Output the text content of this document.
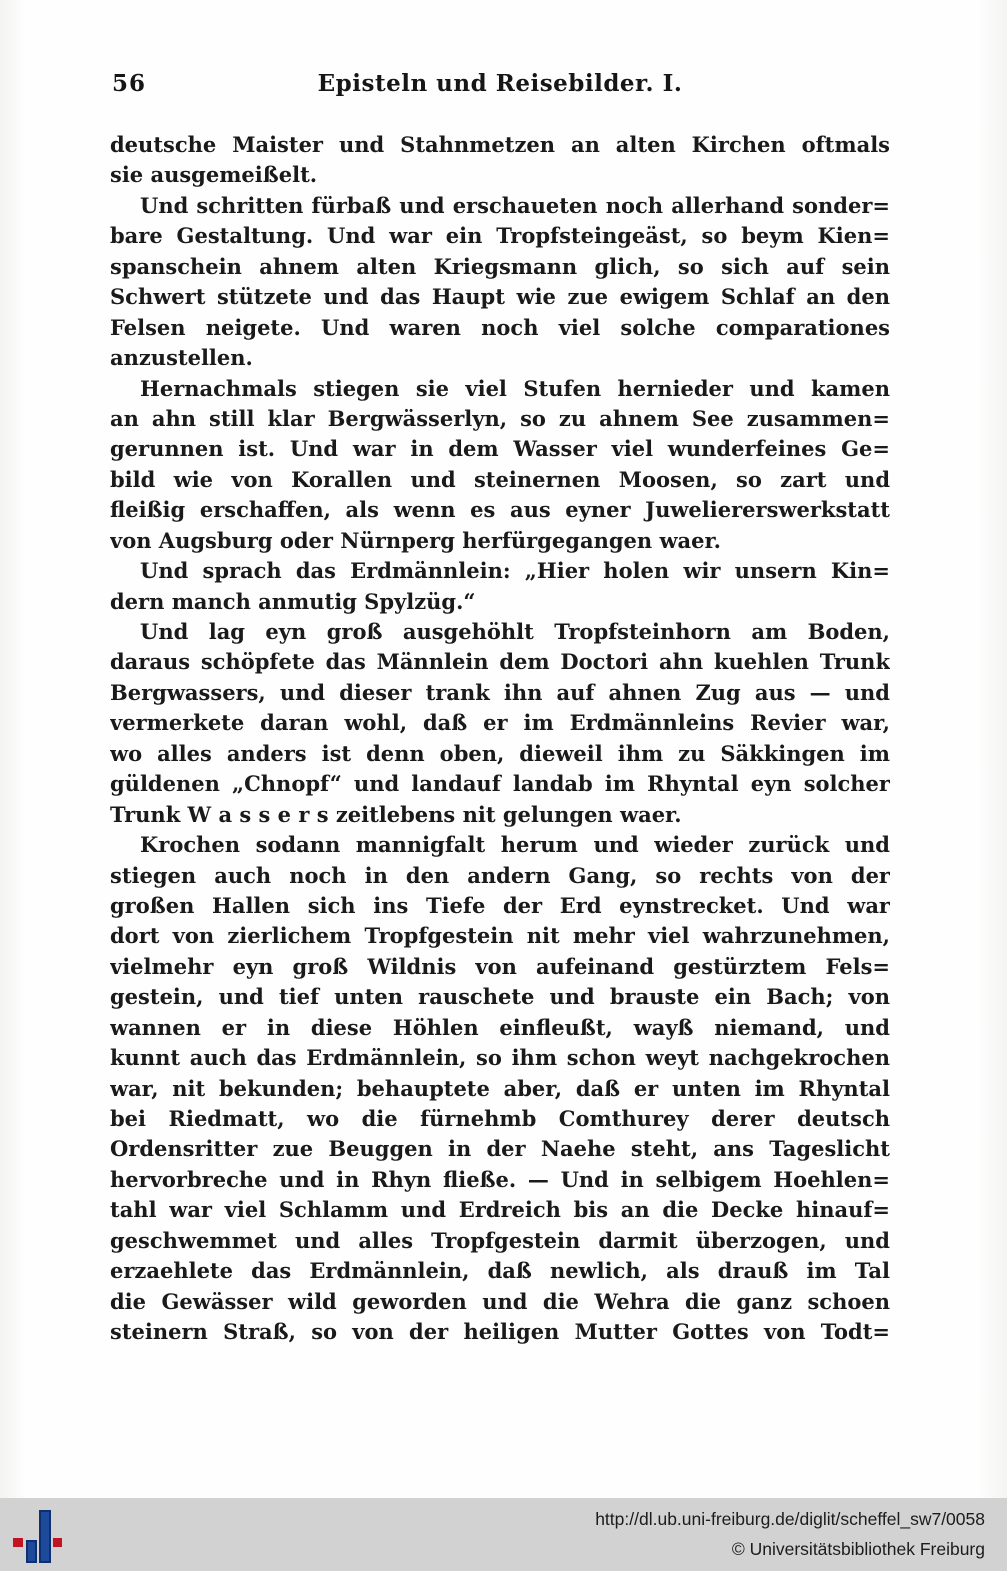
56	Episteln und Reisebilder. I.
deutsche Maister und Stahnmetzen an alten Kirchen oftmals
sie ausgemeißelt.
Und schritten fürbaß und erschaueten noch allerhand sonder=
bare Gestaltung. Und war ein Tropfsteingeäst, so beym Kien=
spanschein ahnem alten Kriegsmann glich, so sich auf sein
Schwert stützete und das Haupt wie zue ewigem Schlaf an den
Felsen neigete. Und waren noch viel solche comparationes
anzustellen.
Hernachmals stiegen sie viel Stufen hernieder und kamen
an ahn still klar Bergwässerlyn, so zu ahnem See zusammen=
gerunnen ist. Und war in dem Wasser viel wunderfeines Ge=
bild wie von Korallen und steinernen Moosen, so zart und
fleißig erschaffen, als wenn es aus eyner Juweliererswerkstatt
von Augsburg oder Nürnperg herfürgegangen waer.
Und sprach das Erdmännlein: „Hier holen wir unsern Kin=
dern manch anmutig Spylzüg.“
Und lag eyn groß ausgehöhlt Tropfsteinhorn am Boden,
daraus schöpfete das Männlein dem Doctori ahn kuehlen Trunk
Bergwassers, und dieser trank ihn auf ahnen Zug aus — und
vermerkete daran wohl, daß er im Erdmännleins Revier war,
wo alles anders ist denn oben, dieweil ihm zu Säkkingen im
güldenen „Chnopf“ und landauf landab im Rhyntal eyn solcher
Trunk W a s s e r s zeitlebens nit gelungen waer.
Krochen sodann mannigfalt herum und wieder zurück und
stiegen auch noch in den andern Gang, so rechts von der
großen Hallen sich ins Tiefe der Erd eynstrecket. Und war
dort von zierlichem Tropfgestein nit mehr viel wahrzunehmen,
vielmehr eyn groß Wildnis von aufeinand gestürztem Fels=
gestein, und tief unten rauschete und brauste ein Bach; von
wannen er in diese Höhlen einfleußt, wayß niemand, und
kunnt auch das Erdmännlein, so ihm schon weyt nachgekrochen
war, nit bekunden; behauptete aber, daß er unten im Rhyntal
bei Riedmatt, wo die fürnehmb Comthurey derer deutsch
Ordensritter zue Beuggen in der Naehe steht, ans Tageslicht
hervorbreche und in Rhyn fließe. — Und in selbigem Hoehlen=
tahl war viel Schlamm und Erdreich bis an die Decke hinauf=
geschwemmet und alles Tropfgestein darmit überzogen, und
erzaehlete das Erdmännlein, daß newlich, als drauß im Tal
die Gewässer wild geworden und die Wehra die ganz schoen
steinern Straß, so von der heiligen Mutter Gottes von Todt=
http://dl.ub.uni-freiburg.de/diglit/scheffel_sw7/0058
© Universitätsbibliothek Freiburg
